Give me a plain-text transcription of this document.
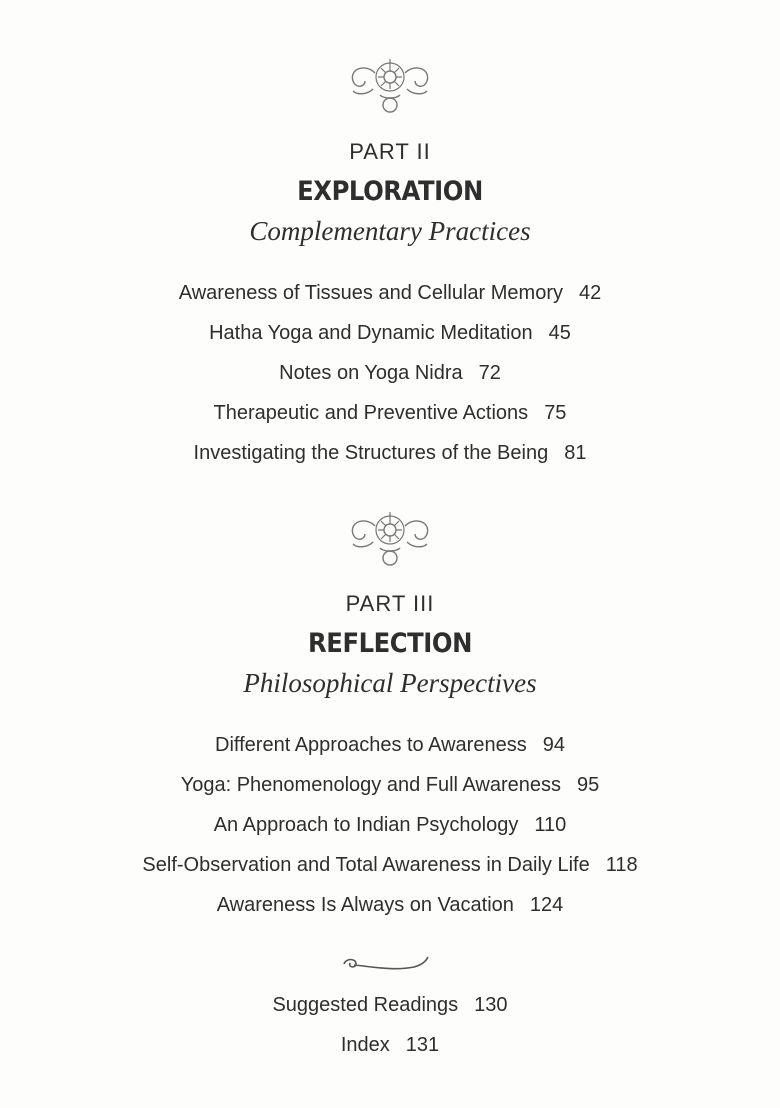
PART II
EXPLORATION
Complementary Practices
Awareness of Tissues and Cellular Memory 42
Hatha Yoga and Dynamic Meditation 45
Notes on Yoga Nidra 72
Therapeutic and Preventive Actions 75
Investigating the Structures of the Being 81
PART III
REFLECTION
Philosophical Perspectives
Different Approaches to Awareness 94
Yoga: Phenomenology and Full Awareness 95
An Approach to Indian Psychology 110
Self-Observation and Total Awareness in Daily Life 118
Awareness Is Always on Vacation 124
Suggested Readings 130
Index 131
